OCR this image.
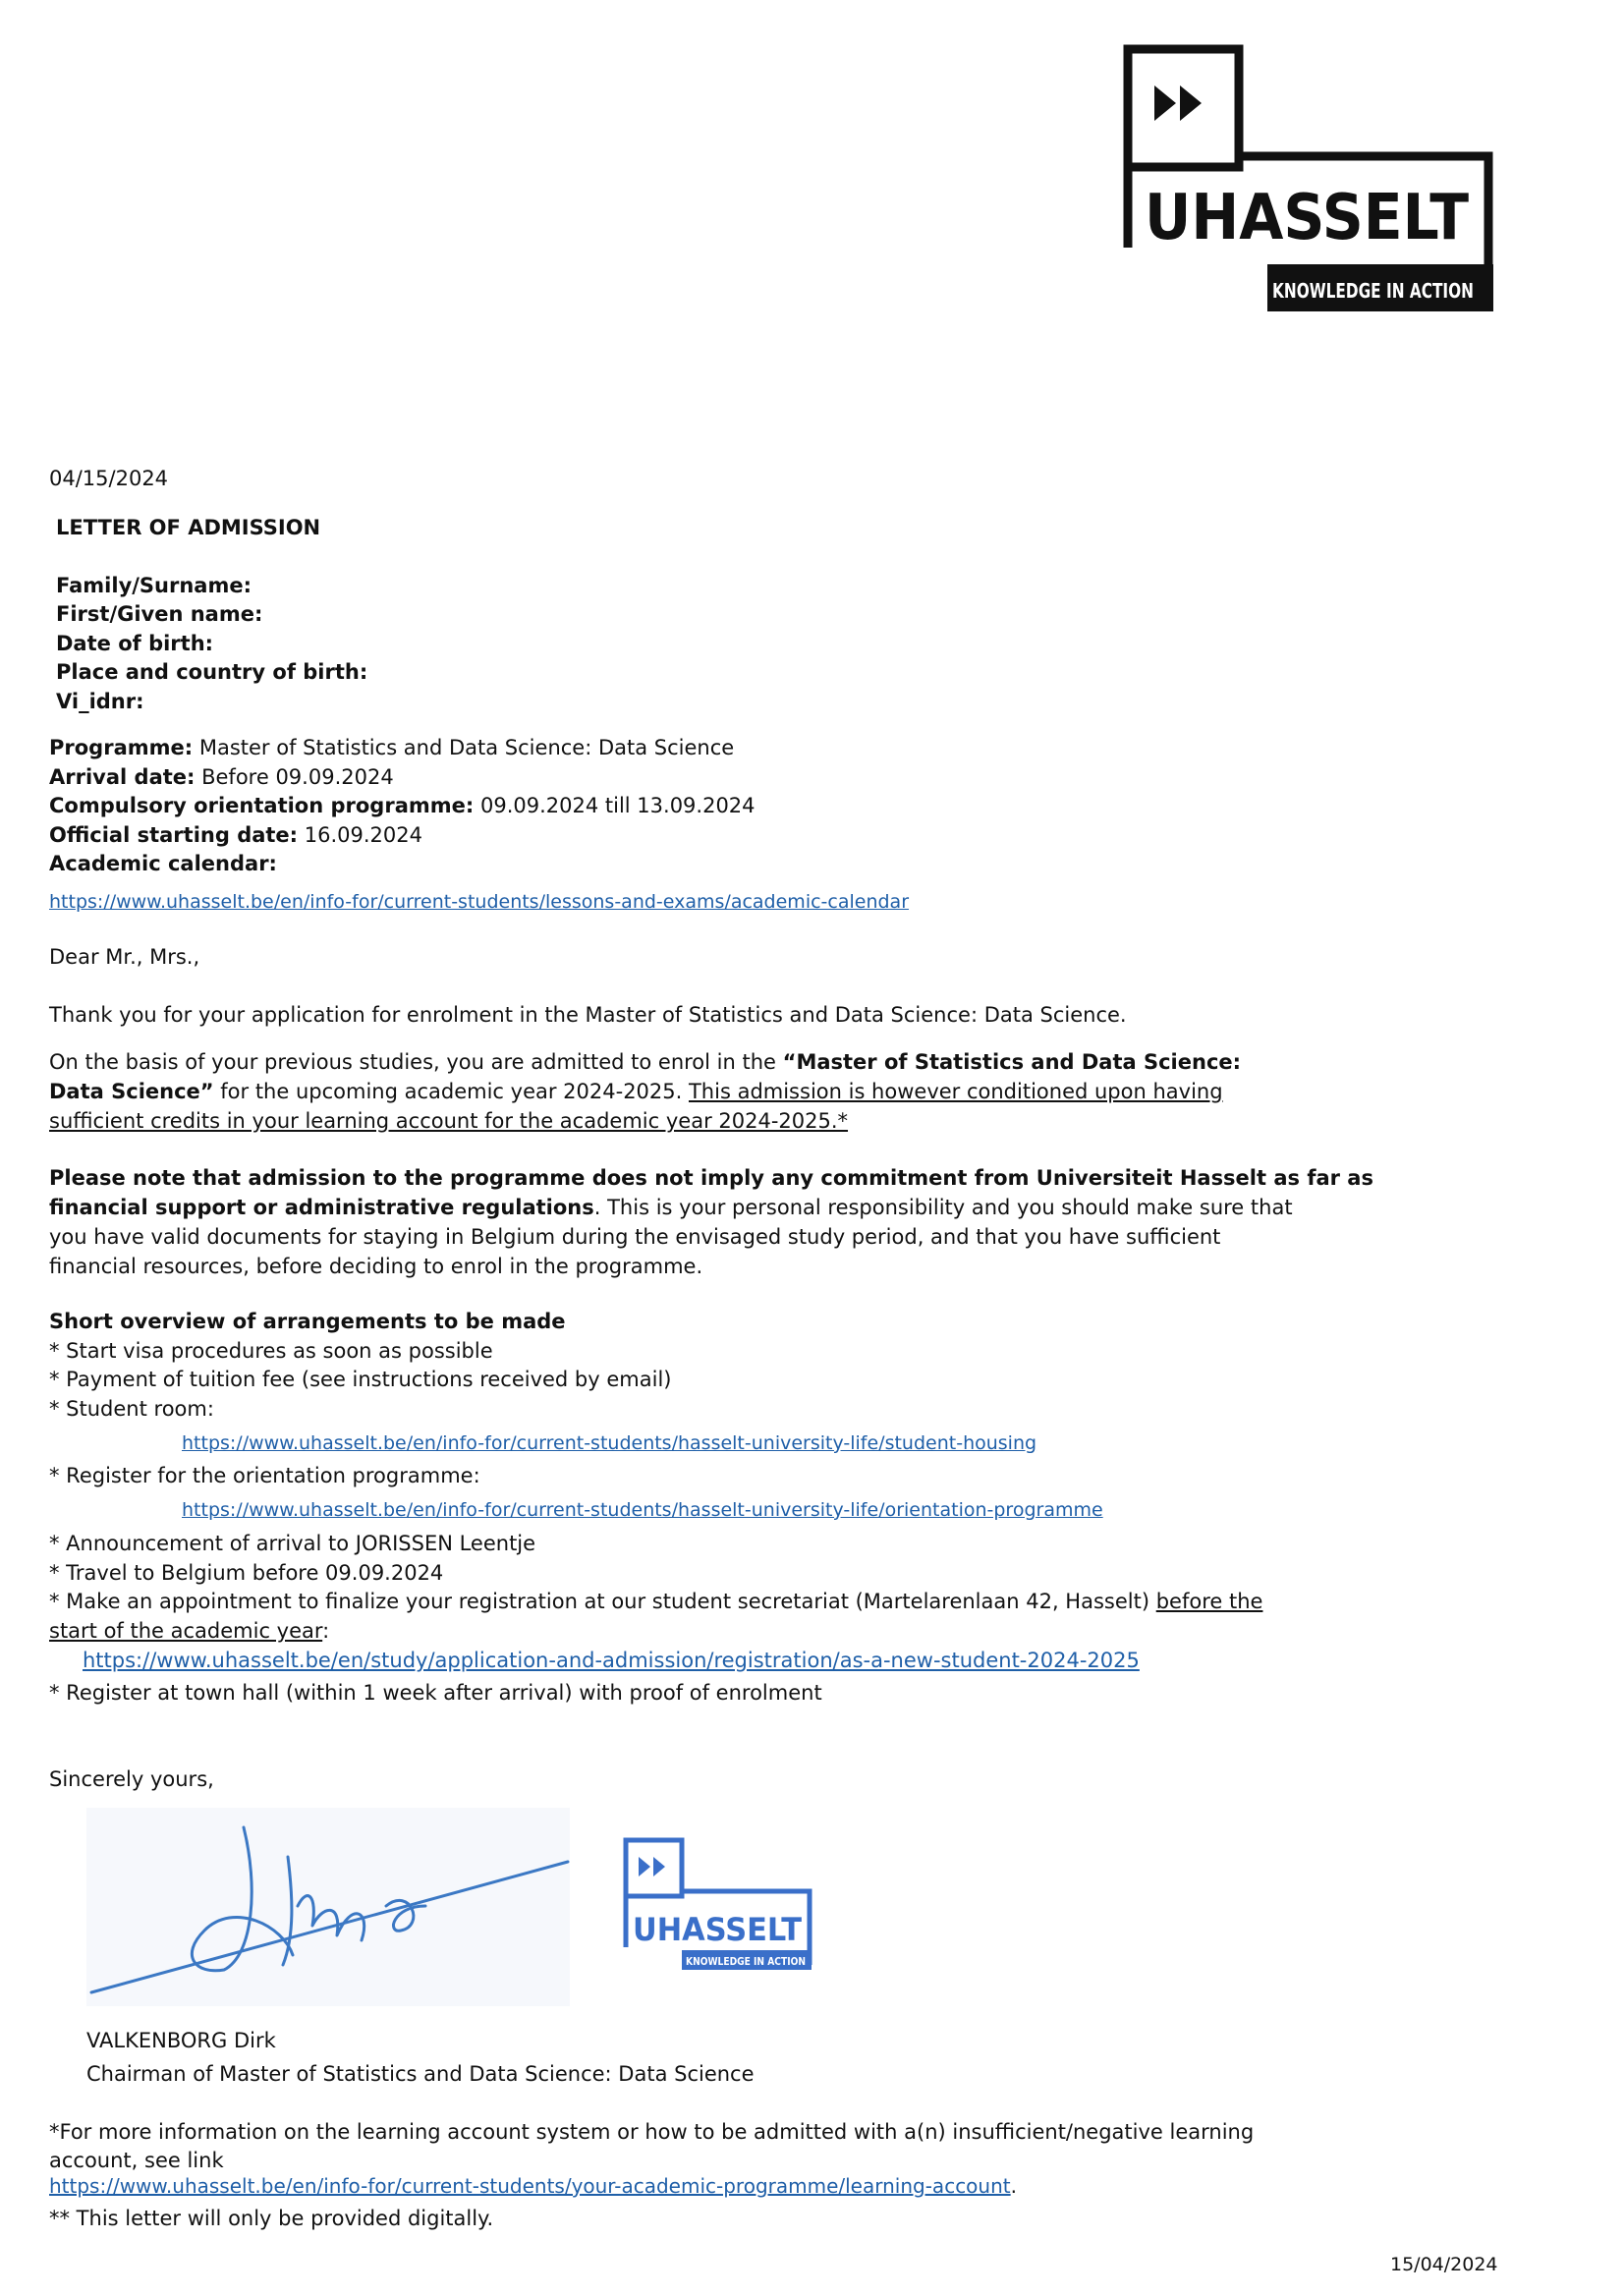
UHASSELT
KNOWLEDGE IN ACTION
04/15/2024
LETTER OF ADMISSION
Family/Surname:
First/Given name:
Date of birth:
Place and country of birth:
Vi_idnr:
Programme: Master of Statistics and Data Science: Data Science
Arrival date: Before 09.09.2024
Compulsory orientation programme: 09.09.2024 till 13.09.2024
Official starting date: 16.09.2024
Academic calendar:
https://www.uhasselt.be/en/info-for/current-students/lessons-and-exams/academic-calendar
Dear Mr., Mrs.,
Thank you for your application for enrolment in the Master of Statistics and Data Science: Data Science.
On the basis of your previous studies, you are admitted to enrol in the “Master of Statistics and Data Science:
Data Science” for the upcoming academic year 2024-2025. This admission is however conditioned upon having
sufficient credits in your learning account for the academic year 2024-2025.*
Please note that admission to the programme does not imply any commitment from Universiteit Hasselt as far as
financial support or administrative regulations. This is your personal responsibility and you should make sure that
you have valid documents for staying in Belgium during the envisaged study period, and that you have sufficient
financial resources, before deciding to enrol in the programme.
Short overview of arrangements to be made
* Start visa procedures as soon as possible
* Payment of tuition fee (see instructions received by email)
* Student room:
https://www.uhasselt.be/en/info-for/current-students/hasselt-university-life/student-housing
* Register for the orientation programme:
https://www.uhasselt.be/en/info-for/current-students/hasselt-university-life/orientation-programme
* Announcement of arrival to JORISSEN Leentje
* Travel to Belgium before 09.09.2024
* Make an appointment to finalize your registration at our student secretariat (Martelarenlaan 42, Hasselt) before the
start of the academic year:
https://www.uhasselt.be/en/study/application-and-admission/registration/as-a-new-student-2024-2025
* Register at town hall (within 1 week after arrival) with proof of enrolment
Sincerely yours,
UHASSELT
KNOWLEDGE IN ACTION
VALKENBORG Dirk
Chairman of Master of Statistics and Data Science: Data Science
*For more information on the learning account system or how to be admitted with a(n) insufficient/negative learning
account, see link
https://www.uhasselt.be/en/info-for/current-students/your-academic-programme/learning-account.
** This letter will only be provided digitally.
15/04/2024
